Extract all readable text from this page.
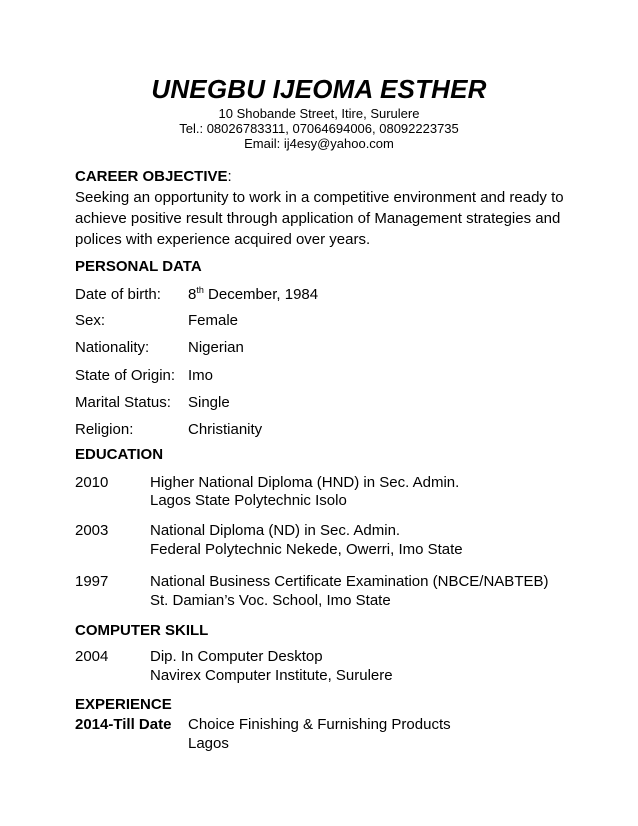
UNEGBU IJEOMA ESTHER
10 Shobande Street, Itire, Surulere
Tel.: 08026783311, 07064694006, 08092223735
Email: ij4esy@yahoo.com
CAREER OBJECTIVE:
Seeking an opportunity to work in a competitive environment and ready to
achieve positive result through application of Management strategies and
polices with experience acquired over years.
PERSONAL DATA
Date of birth: 8th December, 1984
Sex:	Female
Nationality:	Nigerian
State of Origin: Imo
Marital Status: Single
Religion:	Christianity
EDUCATION
2010	Higher National Diploma (HND) in Sec. Admin.
Lagos State Polytechnic Isolo
2003	National Diploma (ND) in Sec. Admin.
Federal Polytechnic Nekede, Owerri, Imo State
1997	National Business Certificate Examination (NBCE/NABTEB)
St. Damian’s Voc. School, Imo State
COMPUTER SKILL
2004	Dip. In Computer Desktop
Navirex Computer Institute, Surulere
EXPERIENCE
2014-Till Date Choice Finishing & Furnishing Products
Lagos
